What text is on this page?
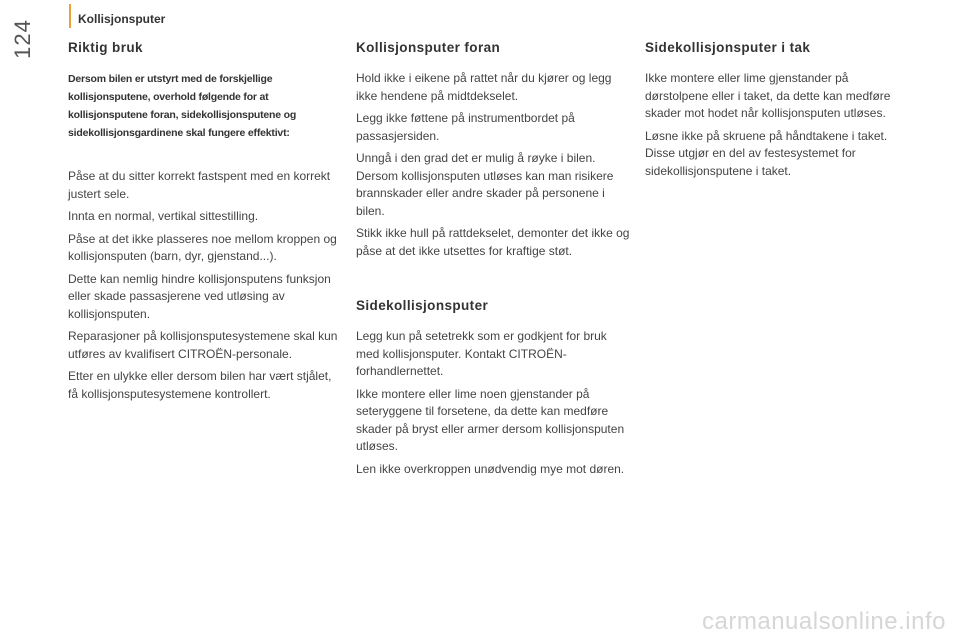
124
Kollisjonsputer
Riktig bruk

Dersom bilen er utstyrt med de forskjellige kollisjonsputene, overhold følgende for at kollisjonsputene foran, sidekollisjonsputene og sidekollisjonsgardinene skal fungere effektivt:

Påse at du sitter korrekt fastspent med en korrekt justert sele.

Innta en normal, vertikal sittestilling.

Påse at det ikke plasseres noe mellom kroppen og kollisjonsputen (barn, dyr, gjenstand...).

Dette kan nemlig hindre kollisjonsputens funksjon eller skade passasjerene ved utløsing av kollisjonsputen.

Reparasjoner på kollisjonsputesystemene skal kun utføres av kvalifisert CITROËN-personale.

Etter en ulykke eller dersom bilen har vært stjålet, få kollisjonsputesystemene kontrollert.

Kollisjonsputer foran

Hold ikke i eikene på rattet når du kjører og legg ikke hendene på midtdekselet.

Legg ikke føttene på instrumentbordet på passasjersiden.

Unngå i den grad det er mulig å røyke i bilen. Dersom kollisjonsputen utløses kan man risikere brannskader eller andre skader på personene i bilen.

Stikk ikke hull på rattdekselet, demonter det ikke og påse at det ikke utsettes for kraftige støt.

Sidekollisjonsputer

Legg kun på setetrekk som er godkjent for bruk med kollisjonsputer. Kontakt CITROËN-forhandlernettet.

Ikke montere eller lime noen gjenstander på seteryggene til forsetene, da dette kan medføre skader på bryst eller armer dersom kollisjonsputen utløses.

Len ikke overkroppen unødvendig mye mot døren.

Sidekollisjonsputer i tak

Ikke montere eller lime gjenstander på dørstolpene eller i taket, da dette kan medføre skader mot hodet når kollisjonsputen utløses.

Løsne ikke på skruene på håndtakene i taket. Disse utgjør en del av festesystemet for sidekollisjonsputene i taket.

carmanualsonline.info
